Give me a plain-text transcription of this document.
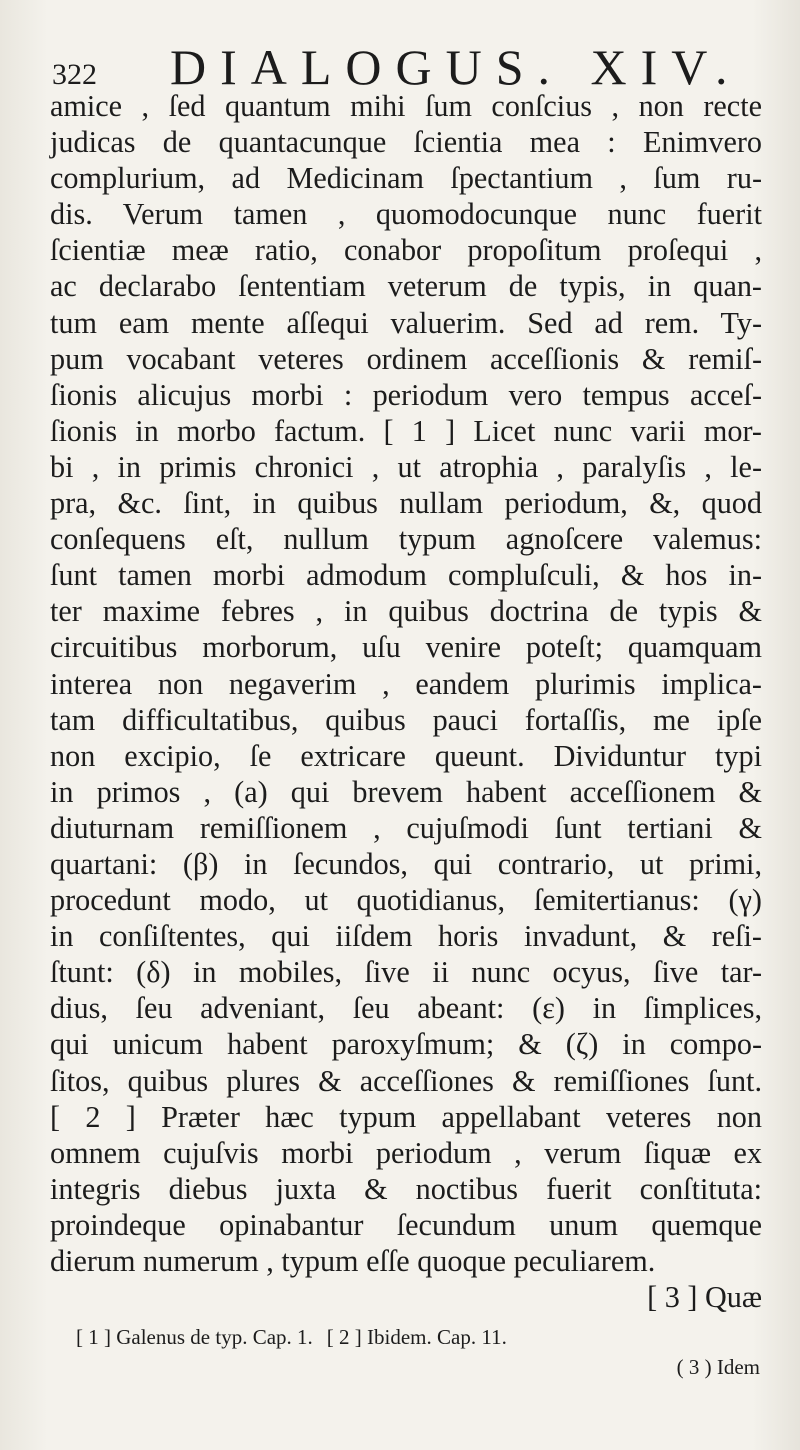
322	DIALOGUS. XIV.
amice , ſed quantum mihi ſum conſcius , non recte
judicas de quantacunque ſcientia mea : Enimvero
complurium, ad Medicinam ſpectantium , ſum ru-
dis. Verum tamen , quomodocunque nunc fuerit
ſcientiæ meæ ratio, conabor propoſitum proſequi ,
ac declarabo ſententiam veterum de typis, in quan-
tum eam mente aſſequi valuerim. Sed ad rem. Ty-
pum vocabant veteres ordinem acceſſionis & remiſ-
ſionis alicujus morbi : periodum vero tempus acceſ-
ſionis in morbo factum. [ 1 ] Licet nunc varii mor-
bi , in primis chronici , ut atrophia , paralyſis , le-
pra, &c. ſint, in quibus nullam periodum, &, quod
conſequens eſt, nullum typum agnoſcere valemus:
ſunt tamen morbi admodum compluſculi, & hos in-
ter maxime febres , in quibus doctrina de typis &
circuitibus morborum, uſu venire poteſt; quamquam
interea non negaverim , eandem plurimis implica-
tam difficultatibus, quibus pauci fortaſſis, me ipſe
non excipio, ſe extricare queunt. Dividuntur typi
in primos , (a) qui brevem habent acceſſionem &
diuturnam remiſſionem , cujuſmodi ſunt tertiani &
quartani: (β) in ſecundos, qui contrario, ut primi,
procedunt modo, ut quotidianus, ſemitertianus: (γ)
in conſiſtentes, qui iiſdem horis invadunt, & reſi-
ſtunt: (δ) in mobiles, ſive ii nunc ocyus, ſive tar-
dius, ſeu adveniant, ſeu abeant: (ε) in ſimplices,
qui unicum habent paroxyſmum; & (ζ) in compo-
ſitos, quibus plures & acceſſiones & remiſſiones ſunt.
[ 2 ] Præter hæc typum appellabant veteres non
omnem cujuſvis morbi periodum , verum ſiquæ ex
integris diebus juxta & noctibus fuerit conſtituta:
proindeque opinabantur ſecundum unum quemque
dierum numerum , typum eſſe quoque peculiarem.
[ 3 ] Quæ
[ 1 ] Galenus de typ. Cap. 1. [ 2 ] Ibidem. Cap. 11.
( 3 ) Idem
